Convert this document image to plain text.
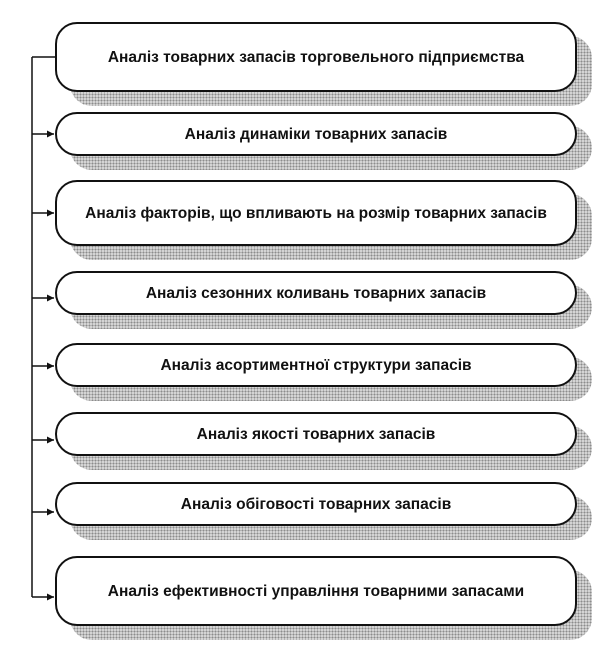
Аналіз товарних запасів торговельного підприємства
Аналіз динаміки товарних запасів
Аналіз факторів, що впливають на розмір товарних запасів
Аналіз сезонних коливань товарних запасів
Аналіз асортиментної структури запасів
Аналіз якості товарних запасів
Аналіз обіговості товарних запасів
Аналіз ефективності управління товарними запасами
